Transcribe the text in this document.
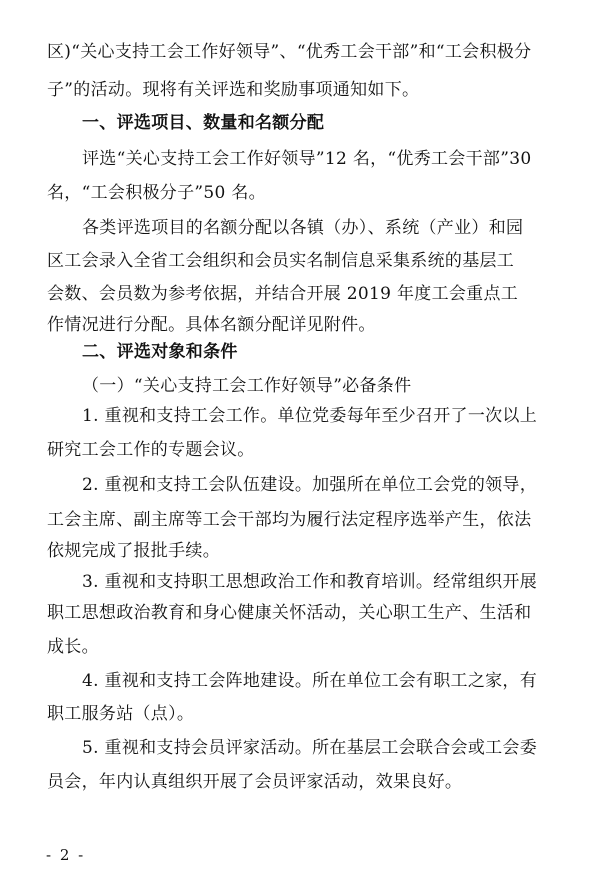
区)“关心支持工会工作好领导”、“优秀工会干部”和“工会积极分
子”的活动。现将有关评选和奖励事项通知如下。
一、评选项目、数量和名额分配
评选“关心支持工会工作好领导”12 名，“优秀工会干部”30
名，“工会积极分子”50 名。
各类评选项目的名额分配以各镇（办）、系统（产业）和园
区工会录入全省工会组织和会员实名制信息采集系统的基层工
会数、会员数为参考依据，并结合开展 2019 年度工会重点工
作情况进行分配。具体名额分配详见附件。
二、评选对象和条件
（一）“关心支持工会工作好领导”必备条件
1. 重视和支持工会工作。单位党委每年至少召开了一次以上
研究工会工作的专题会议。
2. 重视和支持工会队伍建设。加强所在单位工会党的领导，
工会主席、副主席等工会干部均为履行法定程序选举产生，依法
依规完成了报批手续。
3. 重视和支持职工思想政治工作和教育培训。经常组织开展
职工思想政治教育和身心健康关怀活动，关心职工生产、生活和
成长。
4. 重视和支持工会阵地建设。所在单位工会有职工之家，有
职工服务站（点）。
5. 重视和支持会员评家活动。所在基层工会联合会或工会委
员会，年内认真组织开展了会员评家活动，效果良好。
- 2 -
